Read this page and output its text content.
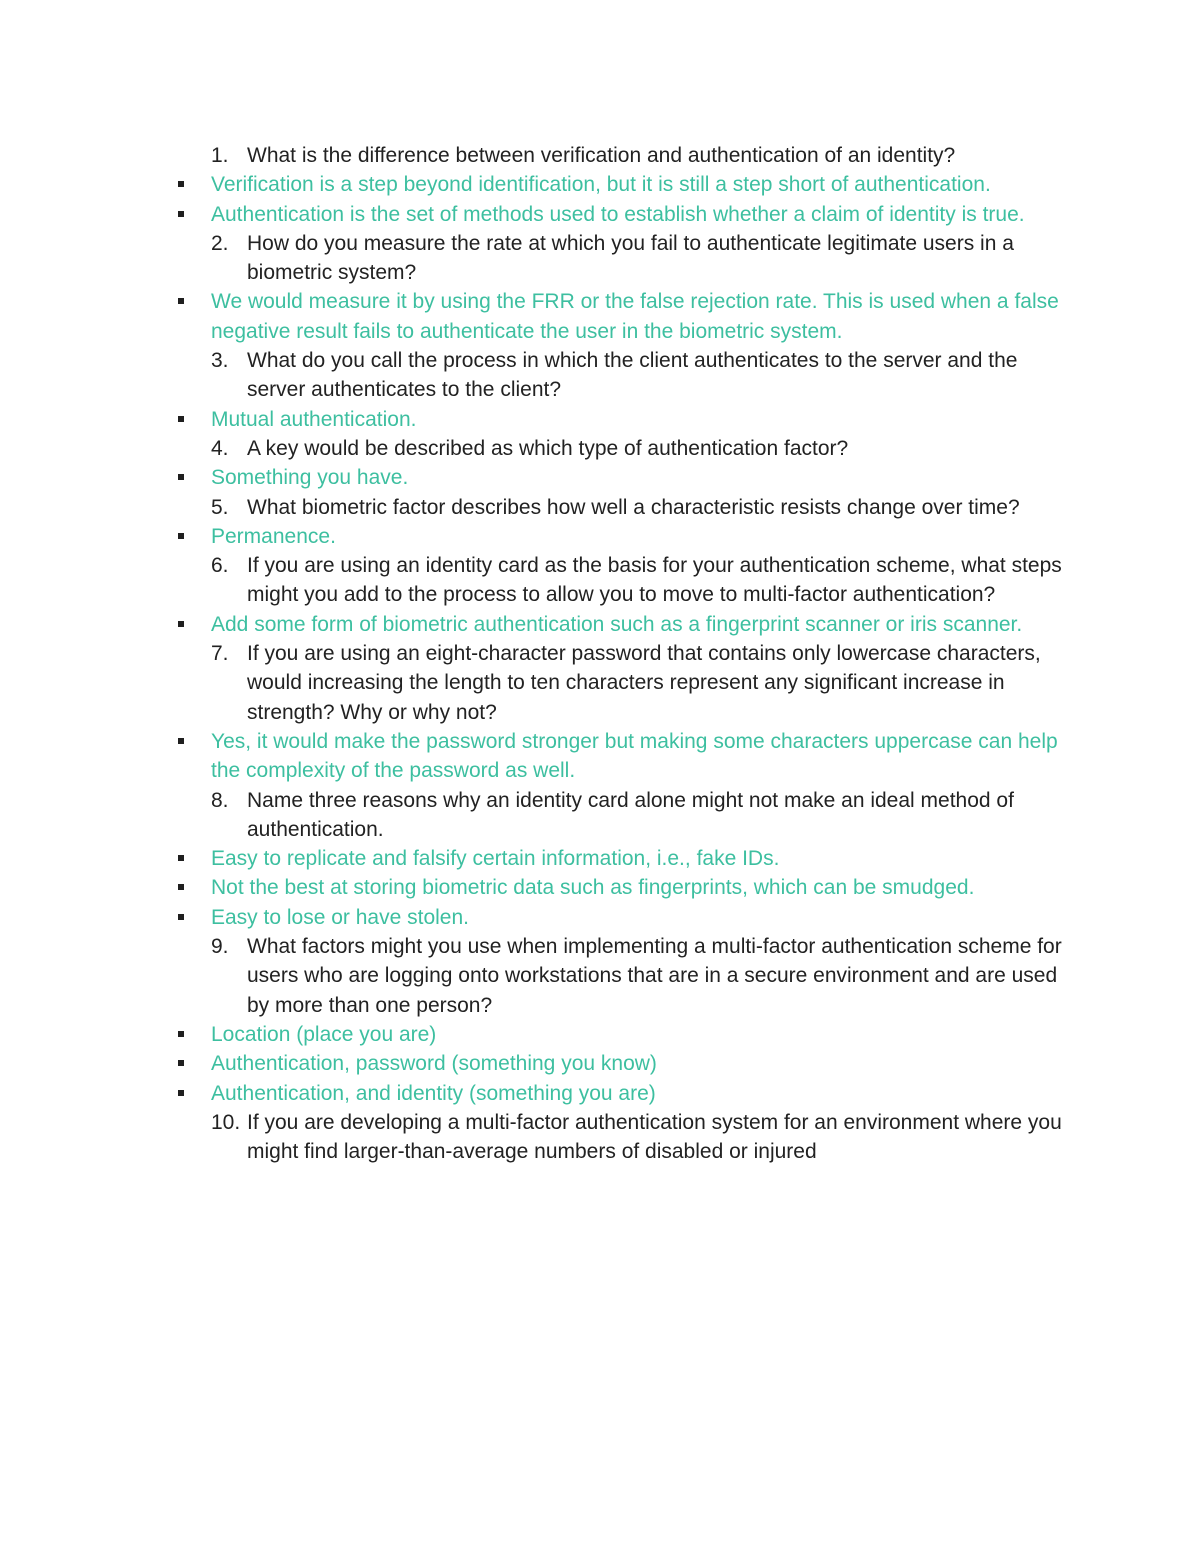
1. What is the difference between verification and authentication of an identity?
Verification is a step beyond identification, but it is still a step short of authentication.
Authentication is the set of methods used to establish whether a claim of identity is true.
2. How do you measure the rate at which you fail to authenticate legitimate users in a biometric system?
We would measure it by using the FRR or the false rejection rate. This is used when a false negative result fails to authenticate the user in the biometric system.
3. What do you call the process in which the client authenticates to the server and the server authenticates to the client?
Mutual authentication.
4. A key would be described as which type of authentication factor?
Something you have.
5. What biometric factor describes how well a characteristic resists change over time?
Permanence.
6. If you are using an identity card as the basis for your authentication scheme, what steps might you add to the process to allow you to move to multi-factor authentication?
Add some form of biometric authentication such as a fingerprint scanner or iris scanner.
7. If you are using an eight-character password that contains only lowercase characters, would increasing the length to ten characters represent any significant increase in strength? Why or why not?
Yes, it would make the password stronger but making some characters uppercase can help the complexity of the password as well.
8. Name three reasons why an identity card alone might not make an ideal method of authentication.
Easy to replicate and falsify certain information, i.e., fake IDs.
Not the best at storing biometric data such as fingerprints, which can be smudged.
Easy to lose or have stolen.
9. What factors might you use when implementing a multi-factor authentication scheme for users who are logging onto workstations that are in a secure environment and are used by more than one person?
Location (place you are)
Authentication, password (something you know)
Authentication, and identity (something you are)
10. If you are developing a multi-factor authentication system for an environment where you might find larger-than-average numbers of disabled or injured
